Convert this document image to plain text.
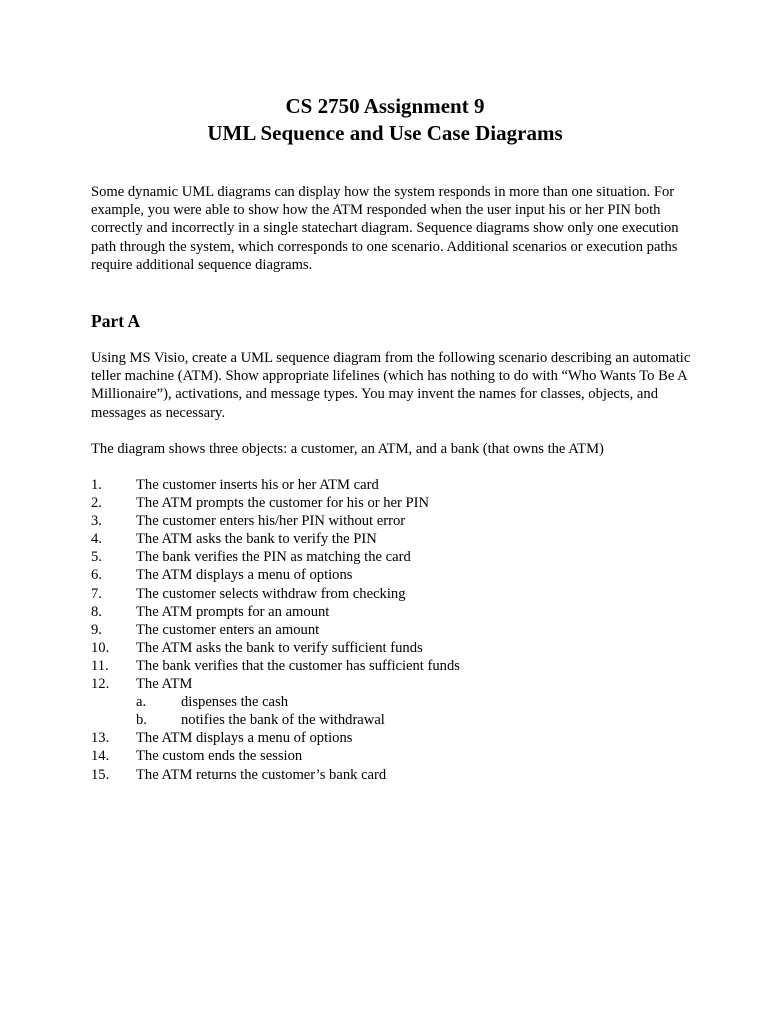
CS 2750 Assignment 9
UML Sequence and Use Case Diagrams

Some dynamic UML diagrams can display how the system responds in more than one situation. For example, you were able to show how the ATM responded when the user input his or her PIN both correctly and incorrectly in a single statechart diagram. Sequence diagrams show only one execution path through the system, which corresponds to one scenario. Additional scenarios or execution paths require additional sequence diagrams.

Part A

Using MS Visio, create a UML sequence diagram from the following scenario describing an automatic teller machine (ATM). Show appropriate lifelines (which has nothing to do with “Who Wants To Be A Millionaire”), activations, and message types. You may invent the names for classes, objects, and messages as necessary.

The diagram shows three objects: a customer, an ATM, and a bank (that owns the ATM)

1. The customer inserts his or her ATM card
2. The ATM prompts the customer for his or her PIN
3. The customer enters his/her PIN without error
4. The ATM asks the bank to verify the PIN
5. The bank verifies the PIN as matching the card
6. The ATM displays a menu of options
7. The customer selects withdraw from checking
8. The ATM prompts for an amount
9. The customer enters an amount
10. The ATM asks the bank to verify sufficient funds
11. The bank verifies that the customer has sufficient funds
12. The ATM
a. dispenses the cash
b. notifies the bank of the withdrawal
13. The ATM displays a menu of options
14. The custom ends the session
15. The ATM returns the customer’s bank card
